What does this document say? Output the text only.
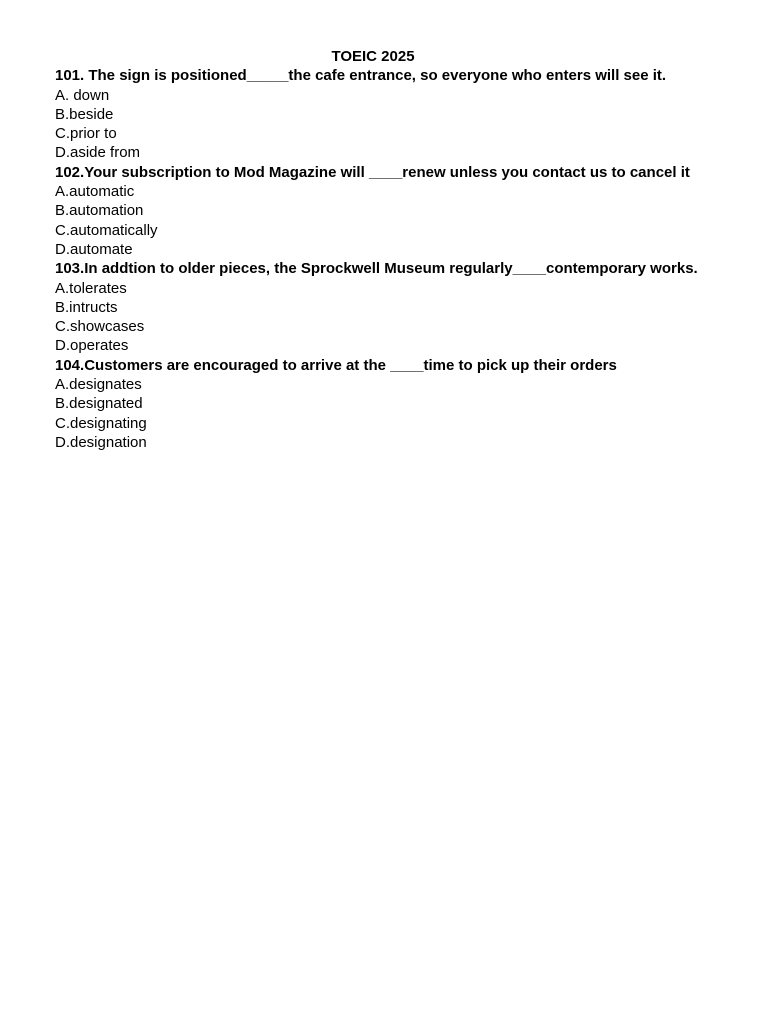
TOEIC 2025
101. The sign is positioned_____the cafe entrance, so everyone who enters will see it.
A. down
B.beside
C.prior to
D.aside from
102.Your subscription to Mod Magazine will ____renew unless you contact us to cancel it
A.automatic
B.automation
C.automatically
D.automate
103.In addtion to older pieces, the Sprockwell Museum regularly____contemporary works.
A.tolerates
B.intructs
C.showcases
D.operates
104.Customers are encouraged to arrive at the ____time to pick up their orders
A.designates
B.designated
C.designating
D.designation
